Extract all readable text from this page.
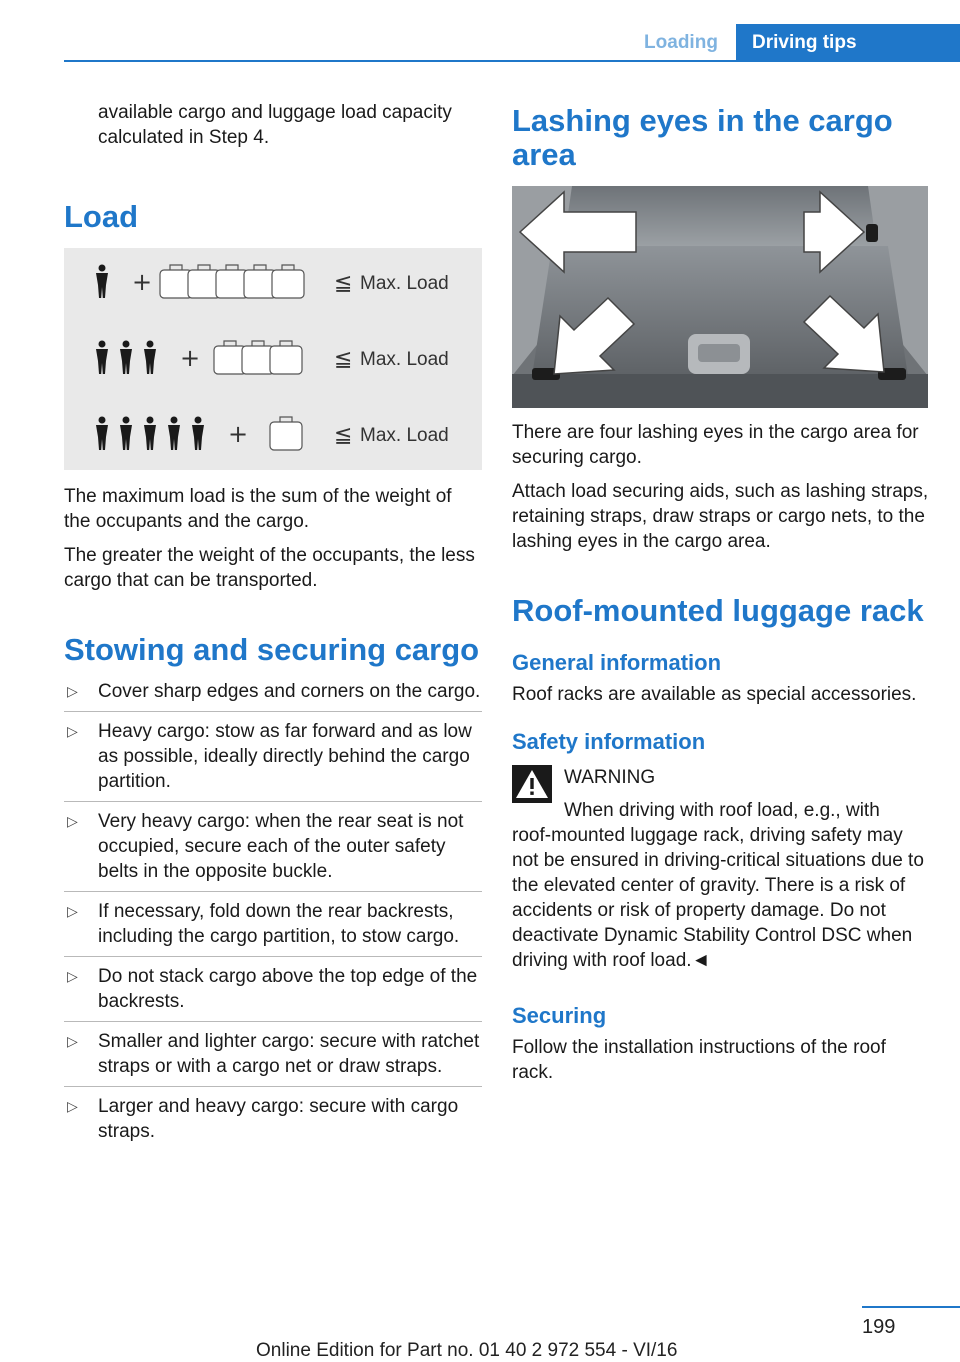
Loading	Driving tips

available cargo and luggage load capacity calculated in Step 4.

Load
+	≦ Max. Load
+	≦ Max. Load
+	≦ Max. Load

The maximum load is the sum of the weight of the occupants and the cargo.

The greater the weight of the occupants, the less cargo that can be transported.

Stowing and securing cargo
▷ Cover sharp edges and corners on the cargo.
▷ Heavy cargo: stow as far forward and as low as possible, ideally directly behind the cargo partition.
▷ Very heavy cargo: when the rear seat is not occupied, secure each of the outer safety belts in the opposite buckle.
▷ If necessary, fold down the rear backrests, including the cargo partition, to stow cargo.
▷ Do not stack cargo above the top edge of the backrests.
▷ Smaller and lighter cargo: secure with ratchet straps or with a cargo net or draw straps.
▷ Larger and heavy cargo: secure with cargo straps.
Lashing eyes in the cargo area

There are four lashing eyes in the cargo area for securing cargo.

Attach load securing aids, such as lashing straps, retaining straps, draw straps or cargo nets, to the lashing eyes in the cargo area.

Roof-mounted luggage rack
General information

Roof racks are available as special accessories.

Safety information

WARNING

When driving with roof load, e.g., with

roof-mounted luggage rack, driving safety may not be ensured in driving-critical situations due to the elevated center of gravity. There is a risk of accidents or risk of property damage. Do not deactivate Dynamic Stability Control DSC when driving with roof load.◄

Securing

Follow the installation instructions of the roof rack.

199
Online Edition for Part no. 01 40 2 972 554 - VI/16
